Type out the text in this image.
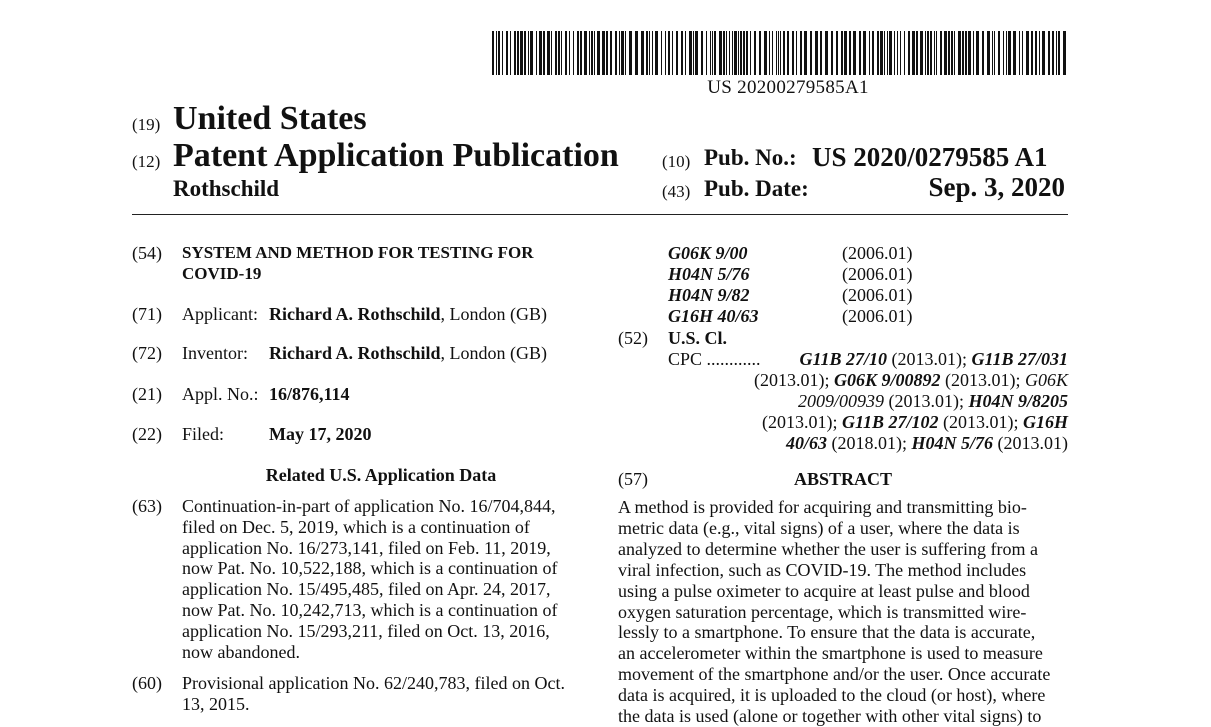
US 20200279585A1
(19) United States
(12) Patent Application Publication
Rothschild
(10) Pub. No.: US 2020/0279585 A1
(43) Pub. Date:	Sep. 3, 2020
(54) SYSTEM AND METHOD FOR TESTING FOR
COVID-19
(71) Applicant: Richard A. Rothschild, London (GB)
(72) Inventor: Richard A. Rothschild, London (GB)
(21) Appl. No.: 16/876,114
(22) Filed: May 17, 2020
Related U.S. Application Data
(63) Continuation-in-part of application No. 16/704,844,
filed on Dec. 5, 2019, which is a continuation of
application No. 16/273,141, filed on Feb. 11, 2019,
now Pat. No. 10,522,188, which is a continuation of
application No. 15/495,485, filed on Apr. 24, 2017,
now Pat. No. 10,242,713, which is a continuation of
application No. 15/293,211, filed on Oct. 13, 2016,
now abandoned.
(60) Provisional application No. 62/240,783, filed on Oct.
13, 2015.
G06K 9/00	(2006.01)
H04N 5/76	(2006.01)
H04N 9/82	(2006.01)
G16H 40/63	(2006.01)
(52) U.S. Cl.
CPC ............	G11B 27/10 (2013.01); G11B 27/031
(2013.01); G06K 9/00892 (2013.01); G06K
2009/00939 (2013.01); H04N 9/8205
(2013.01); G11B 27/102 (2013.01); G16H
40/63 (2018.01); H04N 5/76 (2013.01)
(57)	ABSTRACT
A method is provided for acquiring and transmitting bio-
metric data (e.g., vital signs) of a user, where the data is
analyzed to determine whether the user is suffering from a
viral infection, such as COVID-19. The method includes
using a pulse oximeter to acquire at least pulse and blood
oxygen saturation percentage, which is transmitted wire-
lessly to a smartphone. To ensure that the data is accurate,
an accelerometer within the smartphone is used to measure
movement of the smartphone and/or the user. Once accurate
data is acquired, it is uploaded to the cloud (or host), where
the data is used (alone or together with other vital signs) to
